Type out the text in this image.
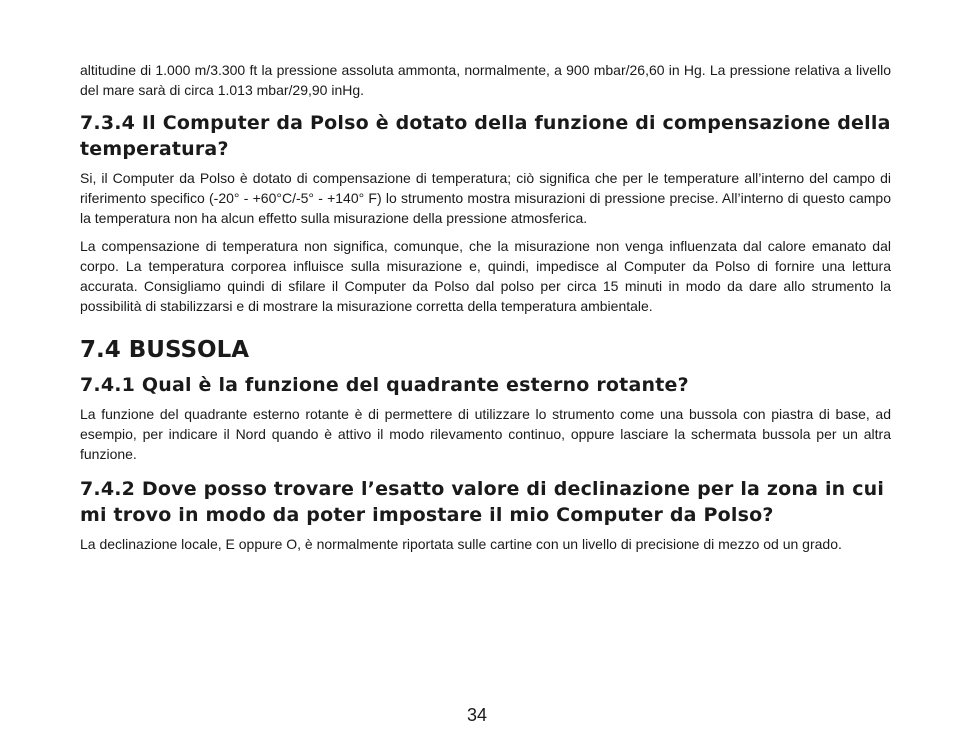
altitudine di 1.000 m/3.300 ft la pressione assoluta ammonta, normalmente, a 900 mbar/26,60 in Hg. La pressione relativa a livello del mare sarà di circa 1.013 mbar/29,90 inHg.

7.3.4 Il Computer da Polso è dotato della funzione di compensazione della temperatura?

Si, il Computer da Polso è dotato di compensazione di temperatura; ciò significa che per le temperature all’interno del campo di riferimento specifico (-20° - +60°C/-5° - +140° F) lo strumento mostra misurazioni di pressione precise. All’interno di questo campo la temperatura non ha alcun effetto sulla misurazione della pressione atmosferica.

La compensazione di temperatura non significa, comunque, che la misurazione non venga influenzata dal calore emanato dal corpo. La temperatura corporea influisce sulla misurazione e, quindi, impedisce al Computer da Polso di fornire una lettura accurata. Consigliamo quindi di sfilare il Computer da Polso dal polso per circa 15 minuti in modo da dare allo strumento la possibilità di stabilizzarsi e di mostrare la misurazione corretta della temperatura ambientale.

7.4 BUSSOLA
7.4.1 Qual è la funzione del quadrante esterno rotante?

La funzione del quadrante esterno rotante è di permettere di utilizzare lo strumento come una bussola con piastra di base, ad esempio, per indicare il Nord quando è attivo il modo rilevamento continuo, oppure lasciare la schermata bussola per un altra funzione.

7.4.2 Dove posso trovare l’esatto valore di declinazione per la zona in cui mi trovo in modo da poter impostare il mio Computer da Polso?

La declinazione locale, E oppure O, è normalmente riportata sulle cartine con un livello di precisione di mezzo od un grado.

34
